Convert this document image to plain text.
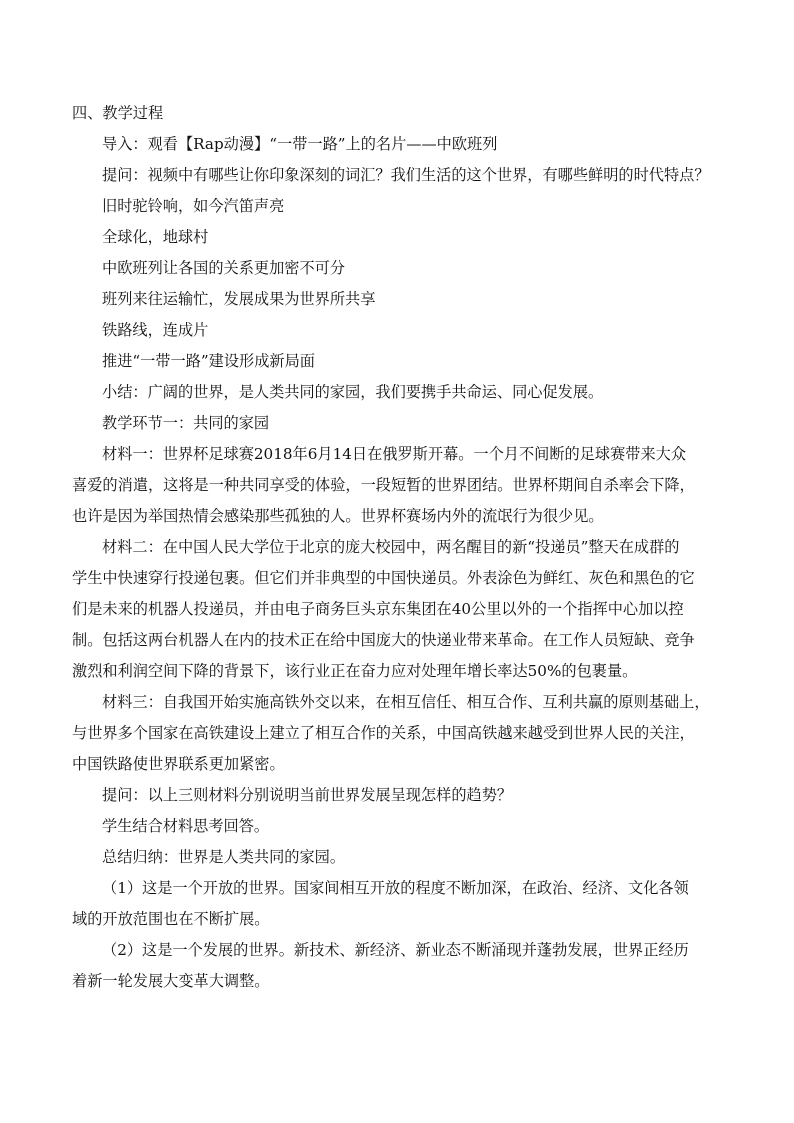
四、教学过程
导入：观看【Rap动漫】“一带一路”上的名片——中欧班列
提问：视频中有哪些让你印象深刻的词汇？我们生活的这个世界，有哪些鲜明的时代特点？
旧时驼铃响，如今汽笛声亮
全球化，地球村
中欧班列让各国的关系更加密不可分
班列来往运输忙，发展成果为世界所共享
铁路线，连成片
推进“一带一路”建设形成新局面
小结：广阔的世界，是人类共同的家园，我们要携手共命运、同心促发展。
教学环节一：共同的家园
材料一：世界杯足球赛2018年6月14日在俄罗斯开幕。一个月不间断的足球赛带来大众
喜爱的消遣，这将是一种共同享受的体验，一段短暂的世界团结。世界杯期间自杀率会下降，
也许是因为举国热情会感染那些孤独的人。世界杯赛场内外的流氓行为很少见。
材料二：在中国人民大学位于北京的庞大校园中，两名醒目的新“投递员”整天在成群的
学生中快速穿行投递包裹。但它们并非典型的中国快递员。外表涂色为鲜红、灰色和黑色的它
们是未来的机器人投递员，并由电子商务巨头京东集团在40公里以外的一个指挥中心加以控
制。包括这两台机器人在内的技术正在给中国庞大的快递业带来革命。在工作人员短缺、竞争
激烈和利润空间下降的背景下，该行业正在奋力应对处理年增长率达50%的包裹量。
材料三：自我国开始实施高铁外交以来，在相互信任、相互合作、互利共赢的原则基础上，
与世界多个国家在高铁建设上建立了相互合作的关系，中国高铁越来越受到世界人民的关注，
中国铁路使世界联系更加紧密。
提问：以上三则材料分别说明当前世界发展呈现怎样的趋势？
学生结合材料思考回答。
总结归纳：世界是人类共同的家园。
（1）这是一个开放的世界。国家间相互开放的程度不断加深，在政治、经济、文化各领
域的开放范围也在不断扩展。
（2）这是一个发展的世界。新技术、新经济、新业态不断涌现并蓬勃发展，世界正经历
着新一轮发展大变革大调整。
